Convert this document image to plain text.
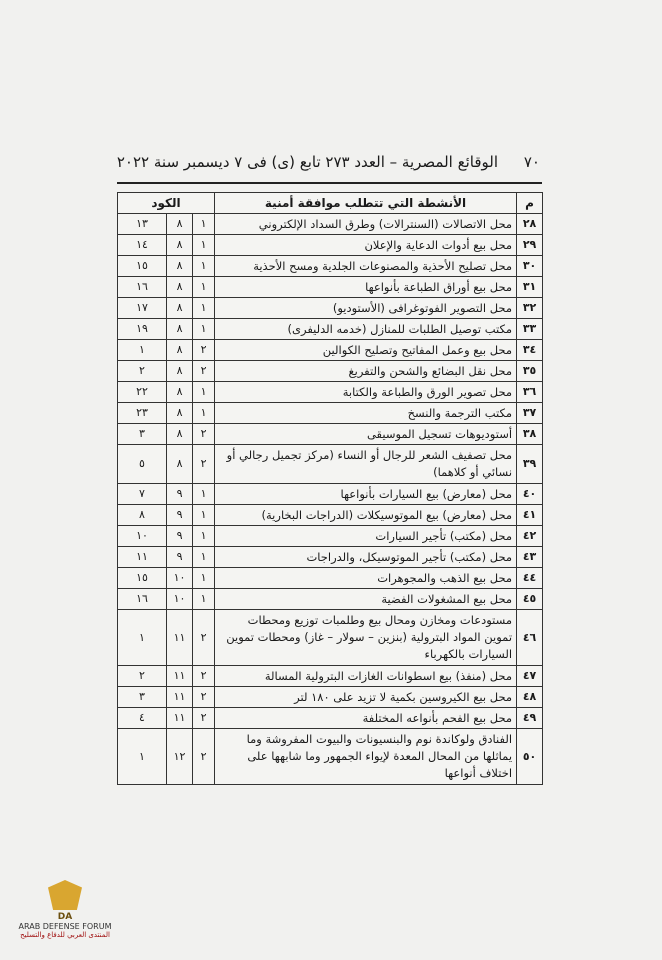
٧٠
الوقائع المصرية – العدد ٢٧٣ تابع (ى) فى ٧ ديسمبر سنة ٢٠٢٢
م	الأنشطة التي تتطلب موافقة أمنية	الكود		
٢٨	محل الاتصالات (السنترالات) وطرق السداد الإلكتروني	١	٨	١٣
٢٩	محل بيع أدوات الدعاية والإعلان	١	٨	١٤
٣٠	محل تصليح الأحذية والمصنوعات الجلدية ومسح الأحذية	١	٨	١٥
٣١	محل بيع أوراق الطباعة بأنواعها	١	٨	١٦
٣٢	محل التصوير الفوتوغرافى (الأستوديو)	١	٨	١٧
٣٣	مكتب توصيل الطلبات للمنازل (خدمه الدليفرى)	١	٨	١٩
٣٤	محل بيع وعمل المفاتيح وتصليح الكوالين	٢	٨	١
٣٥	محل نقل البضائع والشحن والتفريغ	٢	٨	٢
٣٦	محل تصوير الورق والطباعة والكتابة	١	٨	٢٢
٣٧	مكتب الترجمة والنسخ	١	٨	٢٣
٣٨	أستوديوهات تسجيل الموسيقى	٢	٨	٣
٣٩	محل تصفيف الشعر للرجال أو النساء (مركز تجميل رجالي أو نسائي أو كلاهما)	٢	٨	٥
٤٠	محل (معارض) بيع السيارات بأنواعها	١	٩	٧
٤١	محل (معارض) بيع الموتوسيكلات (الدراجات البخارية)	١	٩	٨
٤٢	محل (مكتب) تأجير السيارات	١	٩	١٠
٤٣	محل (مكتب) تأجير الموتوسيكل، والدراجات	١	٩	١١
٤٤	محل بيع الذهب والمجوهرات	١	١٠	١٥
٤٥	محل بيع المشغولات الفضية	١	١٠	١٦
٤٦	مستودعات ومخازن ومحال بيع وطلمبات توزيع ومحطات تموين المواد البترولية (بنزين – سولار – غاز) ومحطات تموين السيارات بالكهرباء	٢	١١	١
٤٧	محل (منفذ) بيع اسطوانات الغازات البترولية المسالة	٢	١١	٢
٤٨	محل بيع الكيروسين بكمية لا تزيد على ١٨٠ لتر	٢	١١	٣
٤٩	محل بيع الفحم بأنواعه المختلفة	٢	١١	٤
٥٠	الفنادق ولوكاندة نوم والبنسيونات والبيوت المفروشة وما يماثلها من المحال المعدة لإيواء الجمهور وما شابهها على اختلاف أنواعها	٢	١٢	١
DA
ARAB DEFENSE FORUM
المنتدى العربي للدفاع والتسليح
